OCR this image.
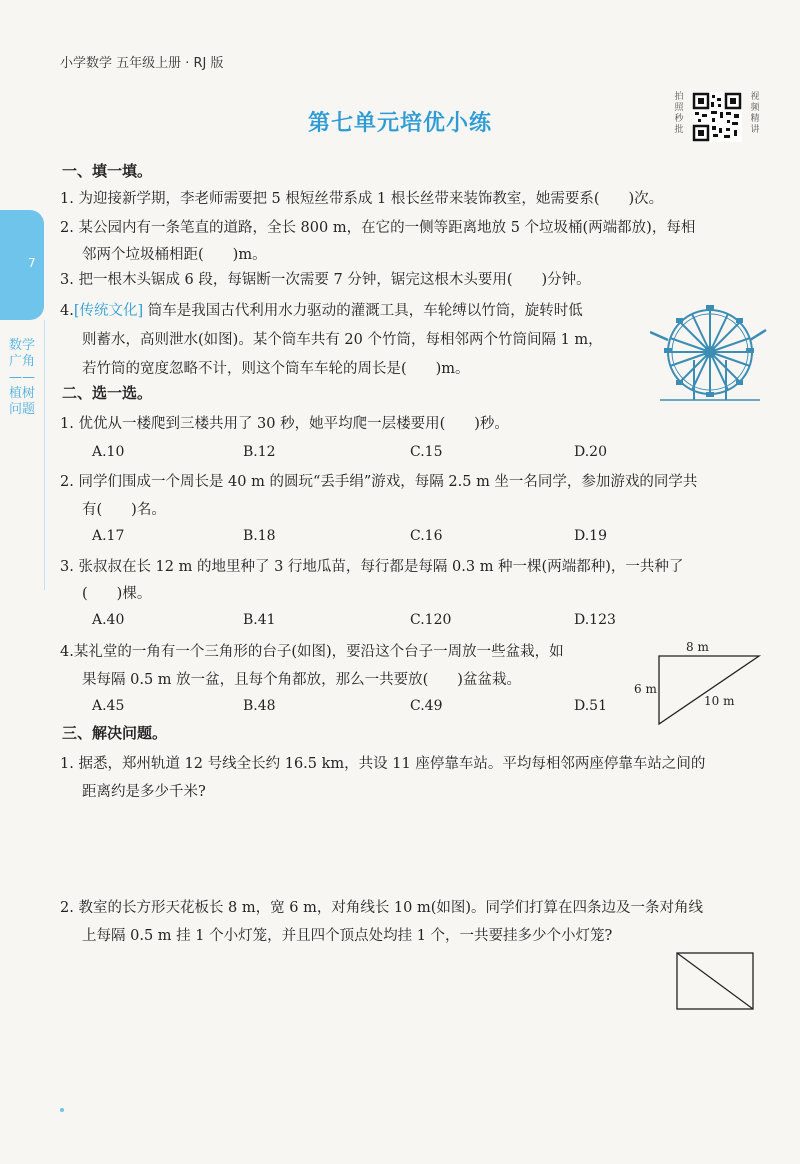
小学数学 五年级上册 · RJ 版
第七单元培优小练
拍照秒批
视频精讲
7
数学广角——植树问题
一、填一填。
1. 为迎接新学期，李老师需要把 5 根短丝带系成 1 根长丝带来装饰教室，她需要系(　　)次。
2. 某公园内有一条笔直的道路，全长 800 m，在它的一侧等距离地放 5 个垃圾桶(两端都放)，每相
邻两个垃圾桶相距(　　)m。
3. 把一根木头锯成 6 段，每锯断一次需要 7 分钟，锯完这根木头要用(　　)分钟。
4.[传统文化] 筒车是我国古代利用水力驱动的灌溉工具，车轮缚以竹筒，旋转时低
则蓄水，高则泄水(如图)。某个筒车共有 20 个竹筒，每相邻两个竹筒间隔 1 m，
若竹筒的宽度忽略不计，则这个筒车车轮的周长是(　　)m。
二、选一选。
1. 优优从一楼爬到三楼共用了 30 秒，她平均爬一层楼要用(　　)秒。
A.10	B.12	C.15	D.20
2. 同学们围成一个周长是 40 m 的圆玩“丢手绢”游戏，每隔 2.5 m 坐一名同学，参加游戏的同学共
有(　　)名。
A.17	B.18	C.16	D.19
3. 张叔叔在长 12 m 的地里种了 3 行地瓜苗，每行都是每隔 0.3 m 种一棵(两端都种)，一共种了
(　　)棵。
A.40	B.41	C.120	D.123
4.某礼堂的一角有一个三角形的台子(如图)，要沿这个台子一周放一些盆栽，如
果每隔 0.5 m 放一盆，且每个角都放，那么一共要放(　　)盆盆栽。
A.45	B.48	C.49	D.51
8 m
6 m
10 m
三、解决问题。
1. 据悉，郑州轨道 12 号线全长约 16.5 km，共设 11 座停靠车站。平均每相邻两座停靠车站之间的
距离约是多少千米?
2. 教室的长方形天花板长 8 m，宽 6 m，对角线长 10 m(如图)。同学们打算在四条边及一条对角线
上每隔 0.5 m 挂 1 个小灯笼，并且四个顶点处均挂 1 个，一共要挂多少个小灯笼?
